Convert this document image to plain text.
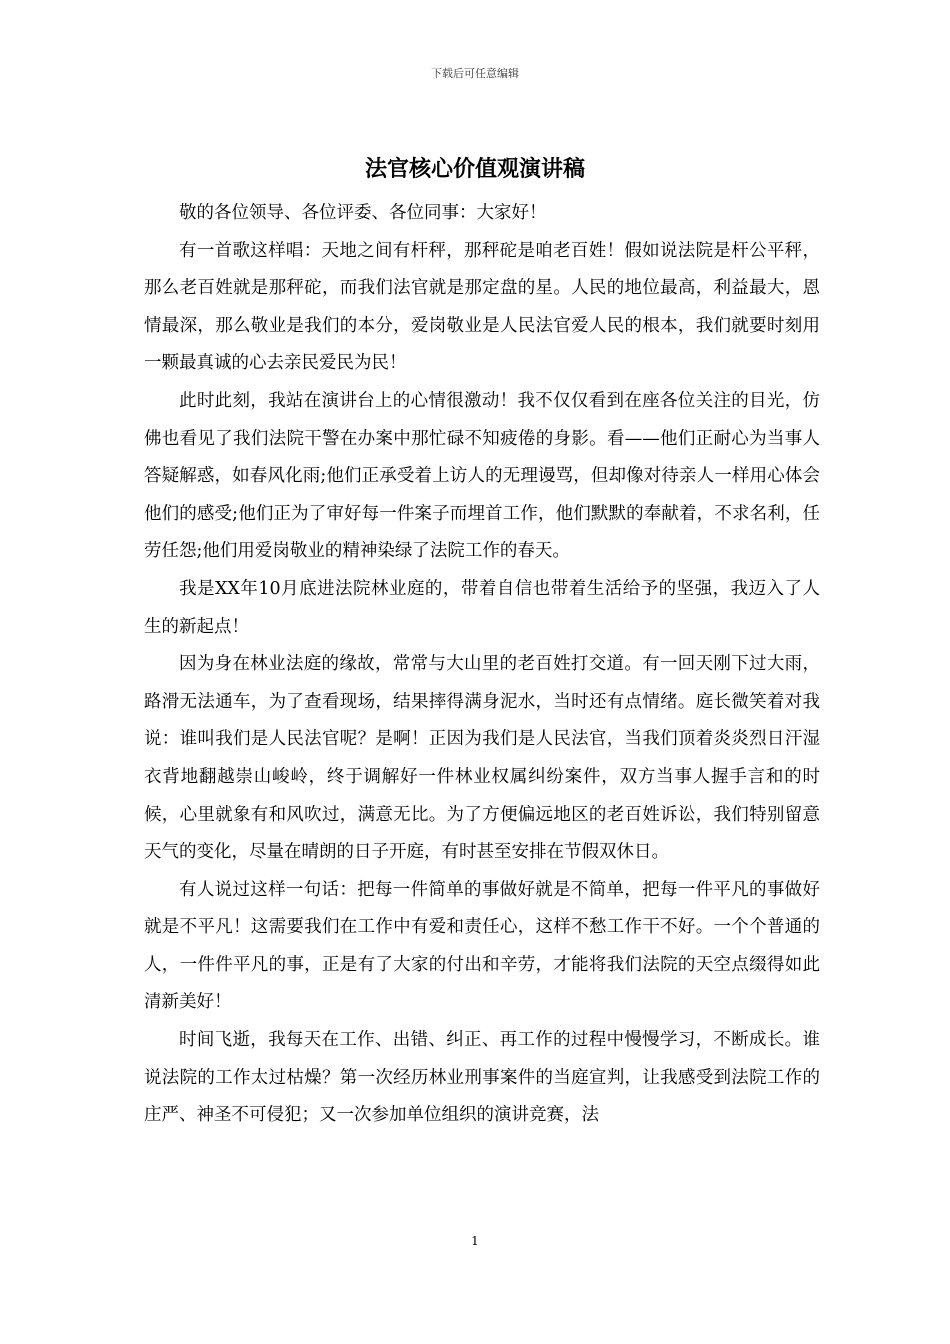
下载后可任意编辑
法官核心价值观演讲稿

敬的各位领导、各位评委、各位同事：大家好！

有一首歌这样唱：天地之间有杆秤，那秤砣是咱老百姓！假如说法院是杆公平秤，那么老百姓就是那秤砣，而我们法官就是那定盘的星。人民的地位最高，利益最大，恩情最深，那么敬业是我们的本分，爱岗敬业是人民法官爱人民的根本，我们就要时刻用一颗最真诚的心去亲民爱民为民！

此时此刻，我站在演讲台上的心情很激动！我不仅仅看到在座各位关注的目光，仿佛也看见了我们法院干警在办案中那忙碌不知疲倦的身影。看——他们正耐心为当事人答疑解惑，如春风化雨;他们正承受着上访人的无理谩骂，但却像对待亲人一样用心体会他们的感受;他们正为了审好每一件案子而埋首工作，他们默默的奉献着，不求名利，任劳任怨;他们用爱岗敬业的精神染绿了法院工作的春天。

我是XX年10月底进法院林业庭的，带着自信也带着生活给予的坚强，我迈入了人生的新起点！

因为身在林业法庭的缘故，常常与大山里的老百姓打交道。有一回天刚下过大雨，路滑无法通车，为了查看现场，结果摔得满身泥水，当时还有点情绪。庭长微笑着对我说：谁叫我们是人民法官呢？是啊！正因为我们是人民法官，当我们顶着炎炎烈日汗湿衣背地翻越崇山峻岭，终于调解好一件林业权属纠纷案件，双方当事人握手言和的时候，心里就象有和风吹过，满意无比。为了方便偏远地区的老百姓诉讼，我们特别留意天气的变化，尽量在晴朗的日子开庭，有时甚至安排在节假双休日。

有人说过这样一句话：把每一件简单的事做好就是不简单，把每一件平凡的事做好就是不平凡！这需要我们在工作中有爱和责任心，这样不愁工作干不好。一个个普通的人，一件件平凡的事，正是有了大家的付出和辛劳，才能将我们法院的天空点缀得如此清新美好！

时间飞逝，我每天在工作、出错、纠正、再工作的过程中慢慢学习，不断成长。谁说法院的工作太过枯燥？第一次经历林业刑事案件的当庭宣判，让我感受到法院工作的庄严、神圣不可侵犯；又一次参加单位组织的演讲竞赛，法

1
